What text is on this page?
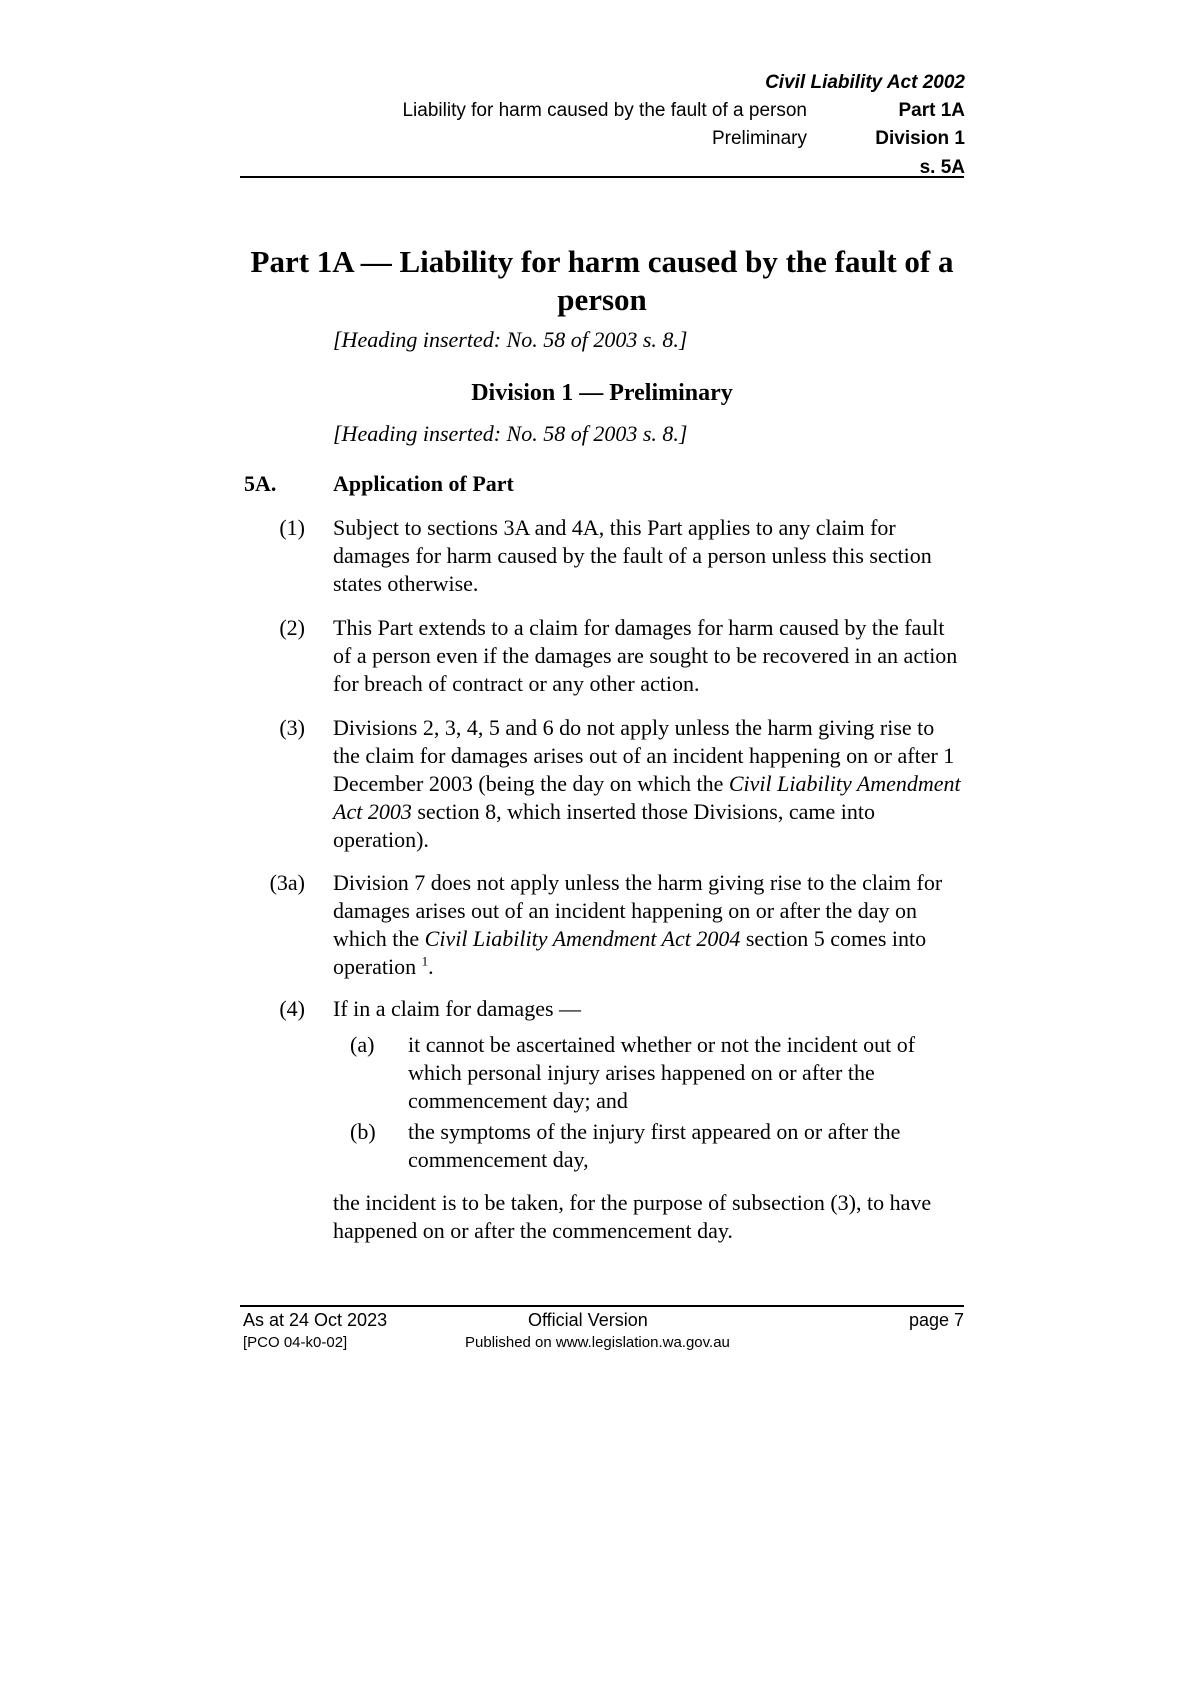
Civil Liability Act 2002
Liability for harm caused by the fault of a person	Part 1A
Preliminary	Division 1
s. 5A
Part 1A — Liability for harm caused by the fault of a person
[Heading inserted: No. 58 of 2003 s. 8.]
Division 1 — Preliminary
[Heading inserted: No. 58 of 2003 s. 8.]
5A.	Application of Part
(1) Subject to sections 3A and 4A, this Part applies to any claim for damages for harm caused by the fault of a person unless this section states otherwise.
(2) This Part extends to a claim for damages for harm caused by the fault of a person even if the damages are sought to be recovered in an action for breach of contract or any other action.
(3) Divisions 2, 3, 4, 5 and 6 do not apply unless the harm giving rise to the claim for damages arises out of an incident happening on or after 1 December 2003 (being the day on which the Civil Liability Amendment Act 2003 section 8, which inserted those Divisions, came into operation).
(3a) Division 7 does not apply unless the harm giving rise to the claim for damages arises out of an incident happening on or after the day on which the Civil Liability Amendment Act 2004 section 5 comes into operation $^1$.
(4) If in a claim for damages —
(a) it cannot be ascertained whether or not the incident out of which personal injury arises happened on or after the commencement day; and
(b) the symptoms of the injury first appeared on or after the commencement day,
the incident is to be taken, for the purpose of subsection (3), to have happened on or after the commencement day.
As at 24 Oct 2023	Official Version	page 7
[PCO 04-k0-02]	Published on www.legislation.wa.gov.au
